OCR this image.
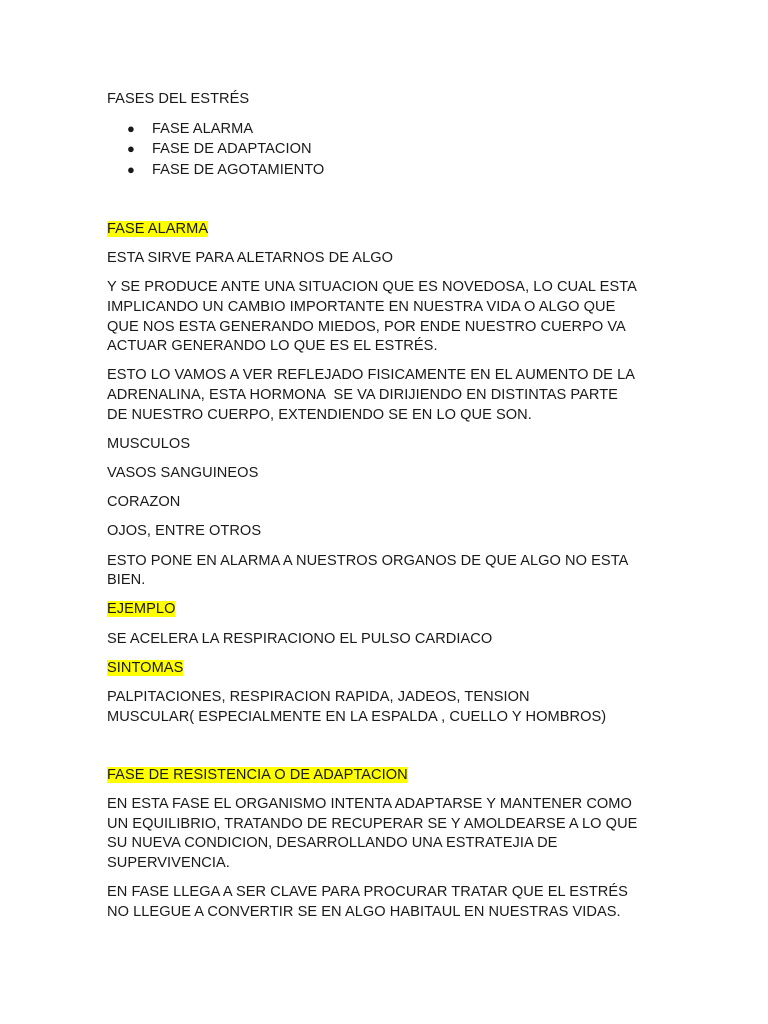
FASES DEL ESTRÉS
● FASE ALARMA
● FASE DE ADAPTACION
● FASE DE AGOTAMIENTO

FASE ALARMA

ESTA SIRVE PARA ALETARNOS DE ALGO

Y SE PRODUCE ANTE UNA SITUACION QUE ES NOVEDOSA, LO CUAL ESTA
IMPLICANDO UN CAMBIO IMPORTANTE EN NUESTRA VIDA O ALGO QUE
QUE NOS ESTA GENERANDO MIEDOS, POR ENDE NUESTRO CUERPO VA
ACTUAR GENERANDO LO QUE ES EL ESTRÉS.

ESTO LO VAMOS A VER REFLEJADO FISICAMENTE EN EL AUMENTO DE LA
ADRENALINA, ESTA HORMONA  SE VA DIRIJIENDO EN DISTINTAS PARTE
DE NUESTRO CUERPO, EXTENDIENDO SE EN LO QUE SON.

MUSCULOS

VASOS SANGUINEOS

CORAZON

OJOS, ENTRE OTROS

ESTO PONE EN ALARMA A NUESTROS ORGANOS DE QUE ALGO NO ESTA
BIEN.

EJEMPLO

SE ACELERA LA RESPIRACIONO EL PULSO CARDIACO

SINTOMAS

PALPITACIONES, RESPIRACION RAPIDA, JADEOS, TENSION
MUSCULAR( ESPECIALMENTE EN LA ESPALDA , CUELLO Y HOMBROS)

FASE DE RESISTENCIA O DE ADAPTACION

EN ESTA FASE EL ORGANISMO INTENTA ADAPTARSE Y MANTENER COMO
UN EQUILIBRIO, TRATANDO DE RECUPERAR SE Y AMOLDEARSE A LO QUE
SU NUEVA CONDICION, DESARROLLANDO UNA ESTRATEJIA DE
SUPERVIVENCIA.

EN FASE LLEGA A SER CLAVE PARA PROCURAR TRATAR QUE EL ESTRÉS
NO LLEGUE A CONVERTIR SE EN ALGO HABITAUL EN NUESTRAS VIDAS.
